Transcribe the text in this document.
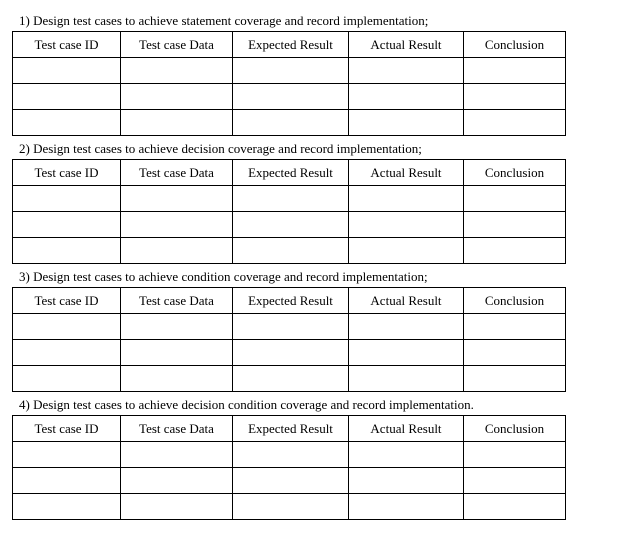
1) Design test cases to achieve statement coverage and record implementation;
Test case ID	Test case Data	Expected Result	Actual Result	Conclusion

2) Design test cases to achieve decision coverage and record implementation;
Test case ID	Test case Data	Expected Result	Actual Result	Conclusion

3) Design test cases to achieve condition coverage and record implementation;
Test case ID	Test case Data	Expected Result	Actual Result	Conclusion

4) Design test cases to achieve decision condition coverage and record implementation.
Test case ID	Test case Data	Expected Result	Actual Result	Conclusion
